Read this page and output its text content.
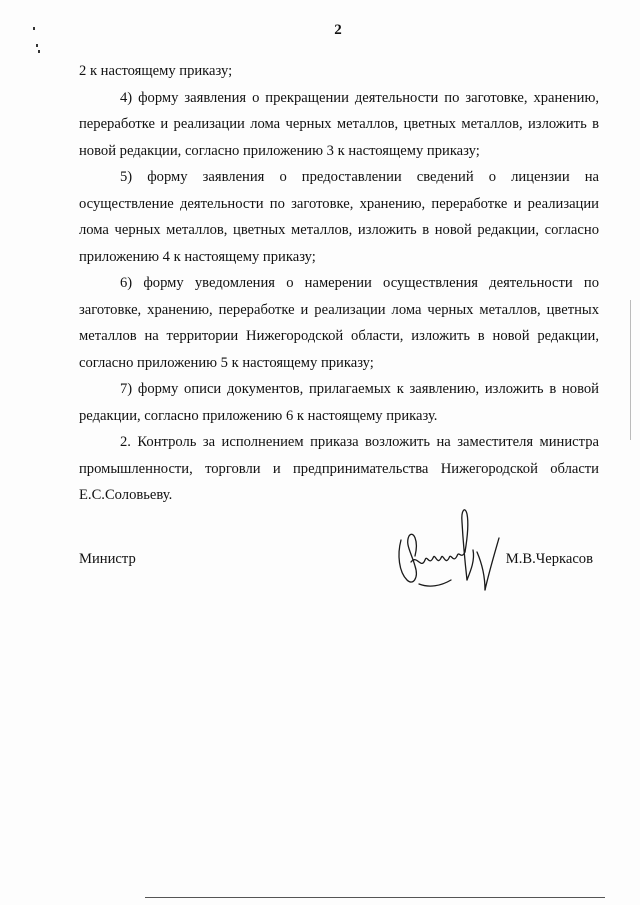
2

2 к настоящему приказу;

4) форму заявления о прекращении деятельности по заготовке, хранению, переработке и реализации лома черных металлов, цветных металлов, изложить в новой редакции, согласно приложению 3 к настоящему приказу;

5) форму заявления о предоставлении сведений о лицензии на осуществление деятельности по заготовке, хранению, переработке и реализации лома черных металлов, цветных металлов, изложить в новой редакции, согласно приложению 4 к настоящему приказу;

6) форму уведомления о намерении осуществления деятельности по заготовке, хранению, переработке и реализации лома черных металлов, цветных металлов на территории Нижегородской области, изложить в новой редакции, согласно приложению 5 к настоящему приказу;

7) форму описи документов, прилагаемых к заявлению, изложить в новой редакции, согласно приложению 6 к настоящему приказу.

2. Контроль за исполнением приказа возложить на заместителя министра промышленности, торговли и предпринимательства Нижегородской области Е.С.Соловьеву.

Министр	М.В.Черкасов
